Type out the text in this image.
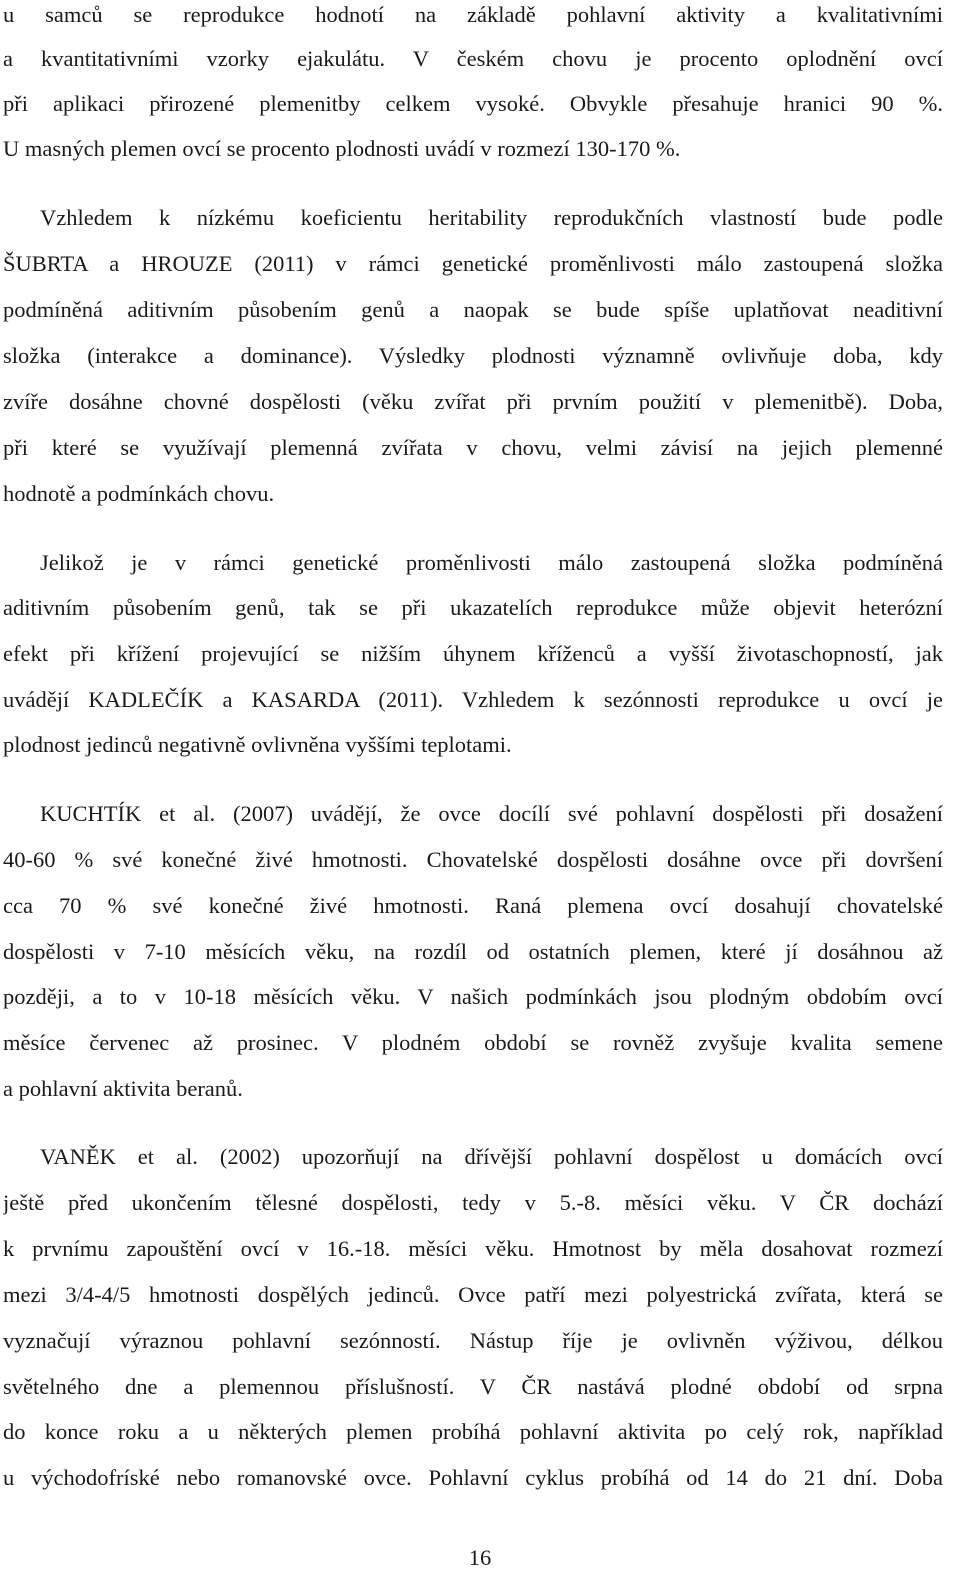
u samců se reprodukce hodnotí na základě pohlavní aktivity a kvalitativními
a kvantitativními vzorky ejakulátu. V českém chovu je procento oplodnění ovcí
při aplikaci přirozené plemenitby celkem vysoké. Obvykle přesahuje hranici 90 %.
U masných plemen ovcí se procento plodnosti uvádí v rozmezí 130-170 %.
Vzhledem k nízkému koeficientu heritability reprodukčních vlastností bude podle
ŠUBRTA a HROUZE (2011) v rámci genetické proměnlivosti málo zastoupená složka
podmíněná aditivním působením genů a naopak se bude spíše uplatňovat neaditivní
složka (interakce a dominance). Výsledky plodnosti významně ovlivňuje doba, kdy
zvíře dosáhne chovné dospělosti (věku zvířat při prvním použití v plemenitbě). Doba,
při které se využívají plemenná zvířata v chovu, velmi závisí na jejich plemenné
hodnotě a podmínkách chovu.
Jelikož je v rámci genetické proměnlivosti málo zastoupená složka podmíněná
aditivním působením genů, tak se při ukazatelích reprodukce může objevit heterózní
efekt při křížení projevující se nižším úhynem kříženců a vyšší životaschopností, jak
uvádějí KADLEČÍK a KASARDA (2011). Vzhledem k sezónnosti reprodukce u ovcí je
plodnost jedinců negativně ovlivněna vyššími teplotami.
KUCHTÍK et al. (2007) uvádějí, že ovce docílí své pohlavní dospělosti při dosažení
40-60 % své konečné živé hmotnosti. Chovatelské dospělosti dosáhne ovce při dovršení
cca 70 % své konečné živé hmotnosti. Raná plemena ovcí dosahují chovatelské
dospělosti v 7-10 měsících věku, na rozdíl od ostatních plemen, které jí dosáhnou až
později, a to v 10-18 měsících věku. V našich podmínkách jsou plodným obdobím ovcí
měsíce červenec až prosinec. V plodném období se rovněž zvyšuje kvalita semene
a pohlavní aktivita beranů.
VANĚK et al. (2002) upozorňují na dřívější pohlavní dospělost u domácích ovcí
ještě před ukončením tělesné dospělosti, tedy v 5.-8. měsíci věku. V ČR dochází
k prvnímu zapouštění ovcí v 16.-18. měsíci věku. Hmotnost by měla dosahovat rozmezí
mezi 3/4-4/5 hmotnosti dospělých jedinců. Ovce patří mezi polyestrická zvířata, která se
vyznačují výraznou pohlavní sezónností. Nástup říje je ovlivněn výživou, délkou
světelného dne a plemennou příslušností. V ČR nastává plodné období od srpna
do konce roku a u některých plemen probíhá pohlavní aktivita po celý rok, například
u východofríské nebo romanovské ovce. Pohlavní cyklus probíhá od 14 do 21 dní. Doba
16
